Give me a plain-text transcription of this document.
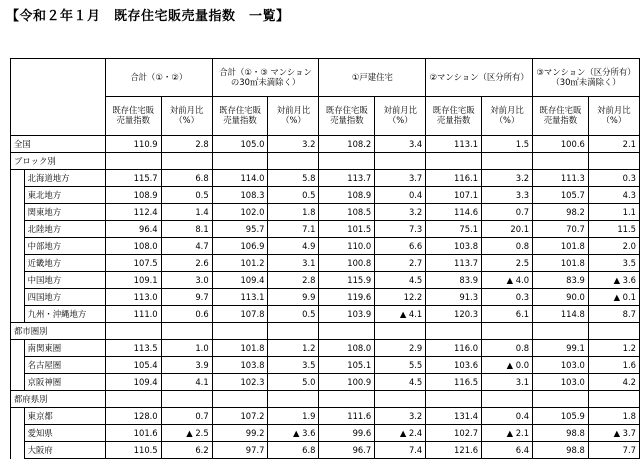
【令和２年１月　既存住宅販売量指数　一覧】
		合計（①・②）		合計（①・③ マンションの30㎡未満除く）		①戸建住宅		②マンション（区分所有）		③マンション（区分所有）（30㎡未満除く）	
		既存住宅販売量指数	対前月比（%）	既存住宅販売量指数	対前月比（%）	既存住宅販売量指数	対前月比（%）	既存住宅販売量指数	対前月比（%）	既存住宅販売量指数	対前月比（%）
全国		110.9	2.8	105.0	3.2	108.2	3.4	113.1	1.5	100.6	2.1
ブロック別											
	北海道地方	115.7	6.8	114.0	5.8	113.7	3.7	116.1	3.2	111.3	0.3
	東北地方	108.9	0.5	108.3	0.5	108.9	0.4	107.1	3.3	105.7	4.3
	関東地方	112.4	1.4	102.0	1.8	108.5	3.2	114.6	0.7	98.2	1.1
	北陸地方	96.4	8.1	95.7	7.1	101.5	7.3	75.1	20.1	70.7	11.5
	中部地方	108.0	4.7	106.9	4.9	110.0	6.6	103.8	0.8	101.8	2.0
	近畿地方	107.5	2.6	101.2	3.1	100.8	2.7	113.7	2.5	101.8	3.5
	中国地方	109.1	3.0	109.4	2.8	115.9	4.5	83.9	▲ 4.0	83.9	▲ 3.6
	四国地方	113.0	9.7	113.1	9.9	119.6	12.2	91.3	0.3	90.0	▲ 0.1
	九州・沖縄地方	111.0	0.6	107.8	0.5	103.9	▲ 4.1	120.3	6.1	114.8	8.7
都市圏別											
	南関東圏	113.5	1.0	101.8	1.2	108.0	2.9	116.0	0.8	99.1	1.2
	名古屋圏	105.4	3.9	103.8	3.5	105.1	5.5	103.6	▲ 0.0	103.0	1.6
	京阪神圏	109.4	4.1	102.3	5.0	100.9	4.5	116.5	3.1	103.0	4.2
都府県別											
	東京都	128.0	0.7	107.2	1.9	111.6	3.2	131.4	0.4	105.9	1.8
	愛知県	101.6	▲ 2.5	99.2	▲ 3.6	99.6	▲ 2.4	102.7	▲ 2.1	98.8	▲ 3.7
	大阪府	110.5	6.2	97.7	6.8	96.7	7.4	121.6	6.4	98.8	7.7
